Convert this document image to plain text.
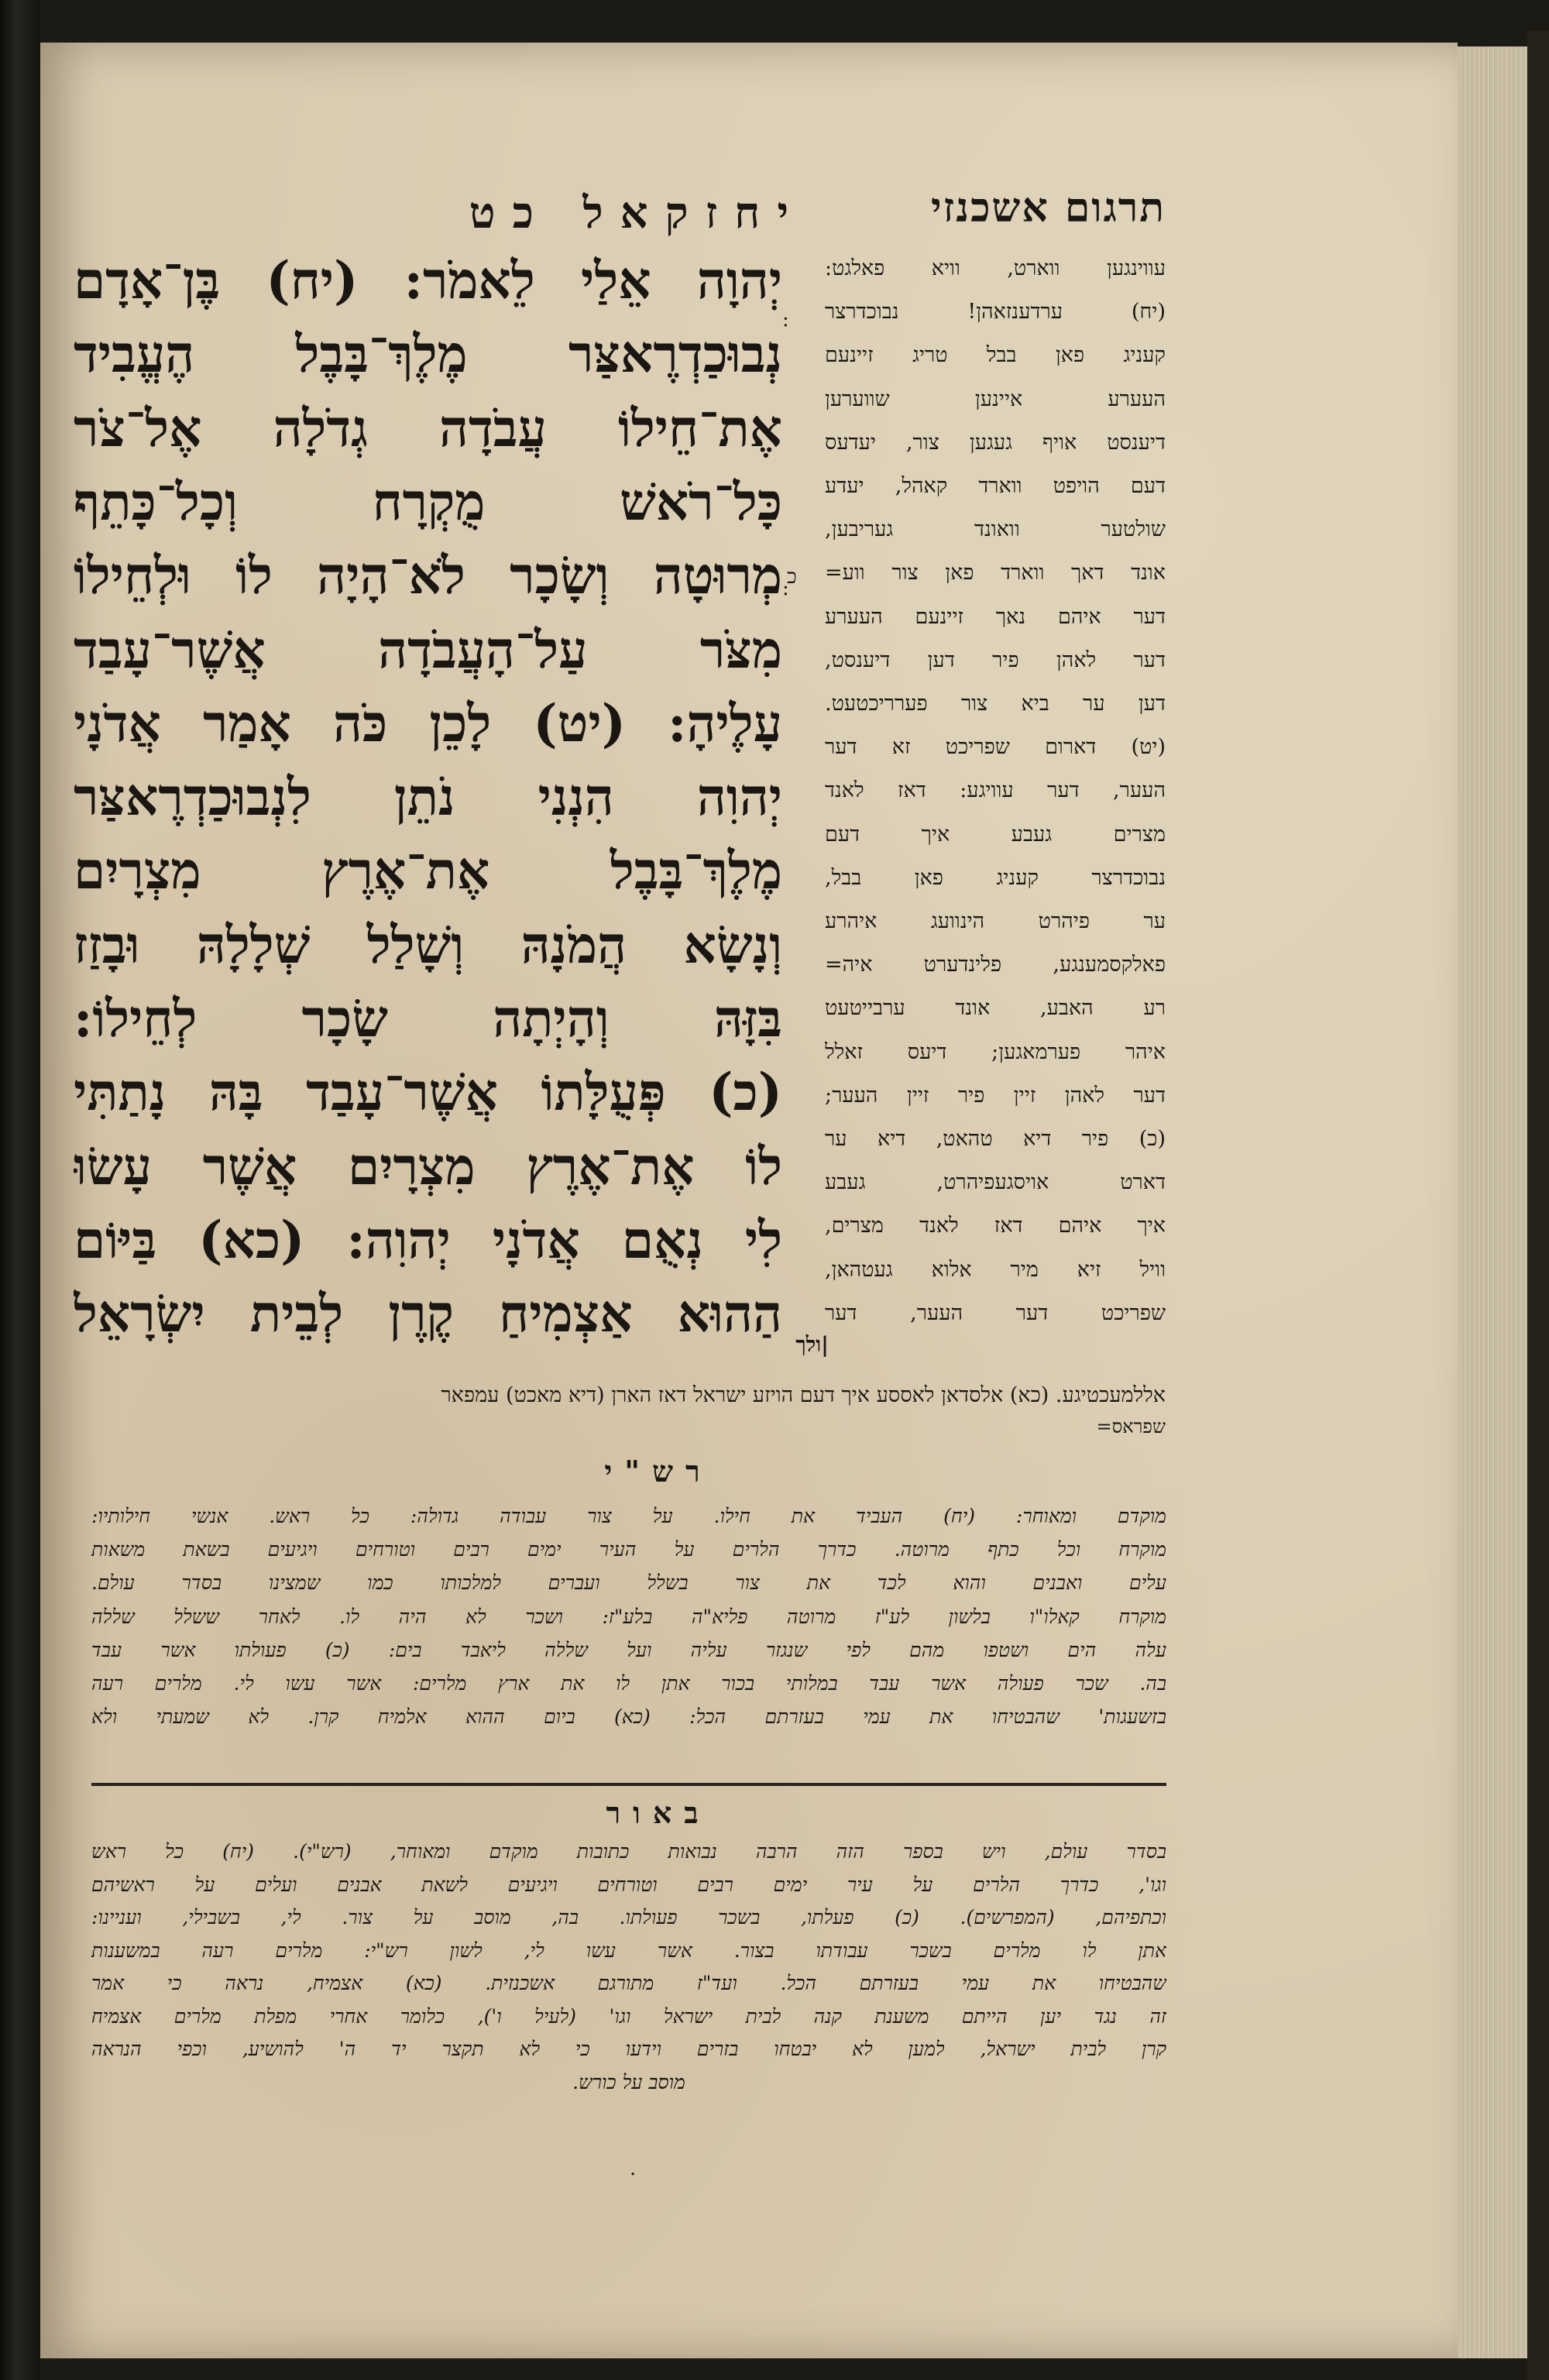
תרגום אשכנזי
יחזקאל כט
יְהוָה אֵלַי לֵאמֹר: (יח) בֶּן־אָדָם
נְבוּכַדְרֶאצַּר מֶלֶךְ־בָּבֶל הֶעֱבִיד
אֶת־חֵילוֹ עֲבֹדָה גְדֹלָה אֶל־צֹר
כָּל־רֹאשׁ מֻקְרָח וְכָל־כָּתֵף
מְרוּטָה וְשָׂכָר לֹא־הָיָה לוֹ וּלְחֵילוֹ
מִצֹּר עַל־הָעֲבֹדָה אֲשֶׁר־עָבַד
עָלֶיהָ: (יט) לָכֵן כֹּה אָמַר אֲדֹנָי
יְהוִה הִנְנִי נֹתֵן לִנְבוּכַדְרֶאצַּר
מֶלֶךְ־בָּבֶל אֶת־אֶרֶץ מִצְרָיִם
וְנָשָׂא הֲמֹנָהּ וְשָׁלַל שְׁלָלָהּ וּבָזַז
בִּזָּהּ וְהָיְתָה שָׂכָר לְחֵילוֹ:
(כ) פְּעֻלָּתוֹ אֲשֶׁר־עָבַד בָּהּ נָתַתִּי
לוֹ אֶת־אֶרֶץ מִצְרָיִם אֲשֶׁר עָשׂוּ
לִי נְאֻם אֲדֹנָי יְהוִה: (כא) בַּיּוֹם
הַהוּא אַצְמִיחַ קֶרֶן לְבֵית יִשְׂרָאֵל
עווינגען ווארט, וויא פאלגט:
(יח) ערדענזאהן! נבוכדרצר
קעניג פאן בבל טריג זיינעם
העערע איינען שווערען
דיענסט אויף געגען צור, יעדעס
דעם הויפט ווארד קאהל, יעדע
שולטער וואונד געריבען,
אונד דאך ווארד פאן צור ווע=
דער איהם נאך זיינעם העערע
דער לאהן פיר דען דיענסט,
דען ער ביא צור פערריכטעט.
(יט) דארום שפריכט זא דער
העער, דער עוויגע: דאז לאנד
מצרים געבע איך דעם
נבוכדרצר קעניג פאן בבל,
ער פיהרט הינוועג איהרע
פאלקסמענגע, פלינדערט איה=
רע האבע, אונד ערבייטעט
איהר פערמאגען; דיעס זאלל
דער לאהן זיין פיר זיין העער;
(כ) פיר דיא טהאט, דיא ער
דארט אויסגעפיהרט, געבע
איך איהם דאז לאנד מצרים,
וויל זיא מיר אלוא געטהאן,
שפריכט דער העער, דער
:
כ
:
|ולך
אללמעכטיגע. (כא) אלסדאן לאססע איך דעם הויזע ישראל דאז הארן (דיא מאכט) עמפאר
שפראס=
רש"י
מוקדם ומאוחר: (יח) העביד את חילו. על צור עבודה גדולה: כל ראש. אנשי חילותיו:
מוקרח וכל כתף מרוטה. כדרך הלרים על העיר ימים רבים וטורחים ויגיעים בשאת משאות
עלים ואבנים והוא לכד את צור בשלל ועברים למלכותו כמו שמצינו בסדר עולם.
מוקרח קאלו"ו בלשון לע"ז מרוטה פליא"ה בלע"ז: ושכר לא היה לו. לאחר ששלל שללה
עלה הים ושטפו מהם לפי שנגזר עליה ועל שללה ליאבד בים: (כ) פעולתו אשר עבד
בה. שכר פעולה אשר עבד במלותי בכור אתן לו את ארץ מלרים: אשר עשו לי. מלרים רעה
בזשעגות' שהבטיחו את עמי בעזרתם הכל: (כא) ביום ההוא אלמיח קרן. לא שמעתי ולא
באור
בסדר עולם, ויש בספר הזה הרבה נבואות כתובות מוקדם ומאוחר, (רש"י). (יח) כל ראש
וגו', כדרך הלרים על עיר ימים רבים וטורחים ויגיעים לשאת אבנים ועלים על ראשיהם
וכתפיהם, (המפרשים). (כ) פעלתו, בשכר פעולתו. בה, מוסב על צור. לי, בשבילי, ועניינו:
אתן לו מלרים בשכר עבודתו בצור. אשר עשו לי, לשון רש"י: מלרים רעה במשענות
שהבטיחו את עמי בעזרתם הכל. ועד"ז מתורגם אשכנזית. (כא) אצמיח, נראה כי אמר
זה נגד יען הייתם משענת קנה לבית ישראל וגו' (לעיל ו'), כלומר אחרי מפלת מלרים אצמיח
קרן לבית ישראל, למען לא יבטחו בזרים וידעו כי לא תקצר יד ה' להושיע, וכפי הנראה
מוסב על כורש.
.
